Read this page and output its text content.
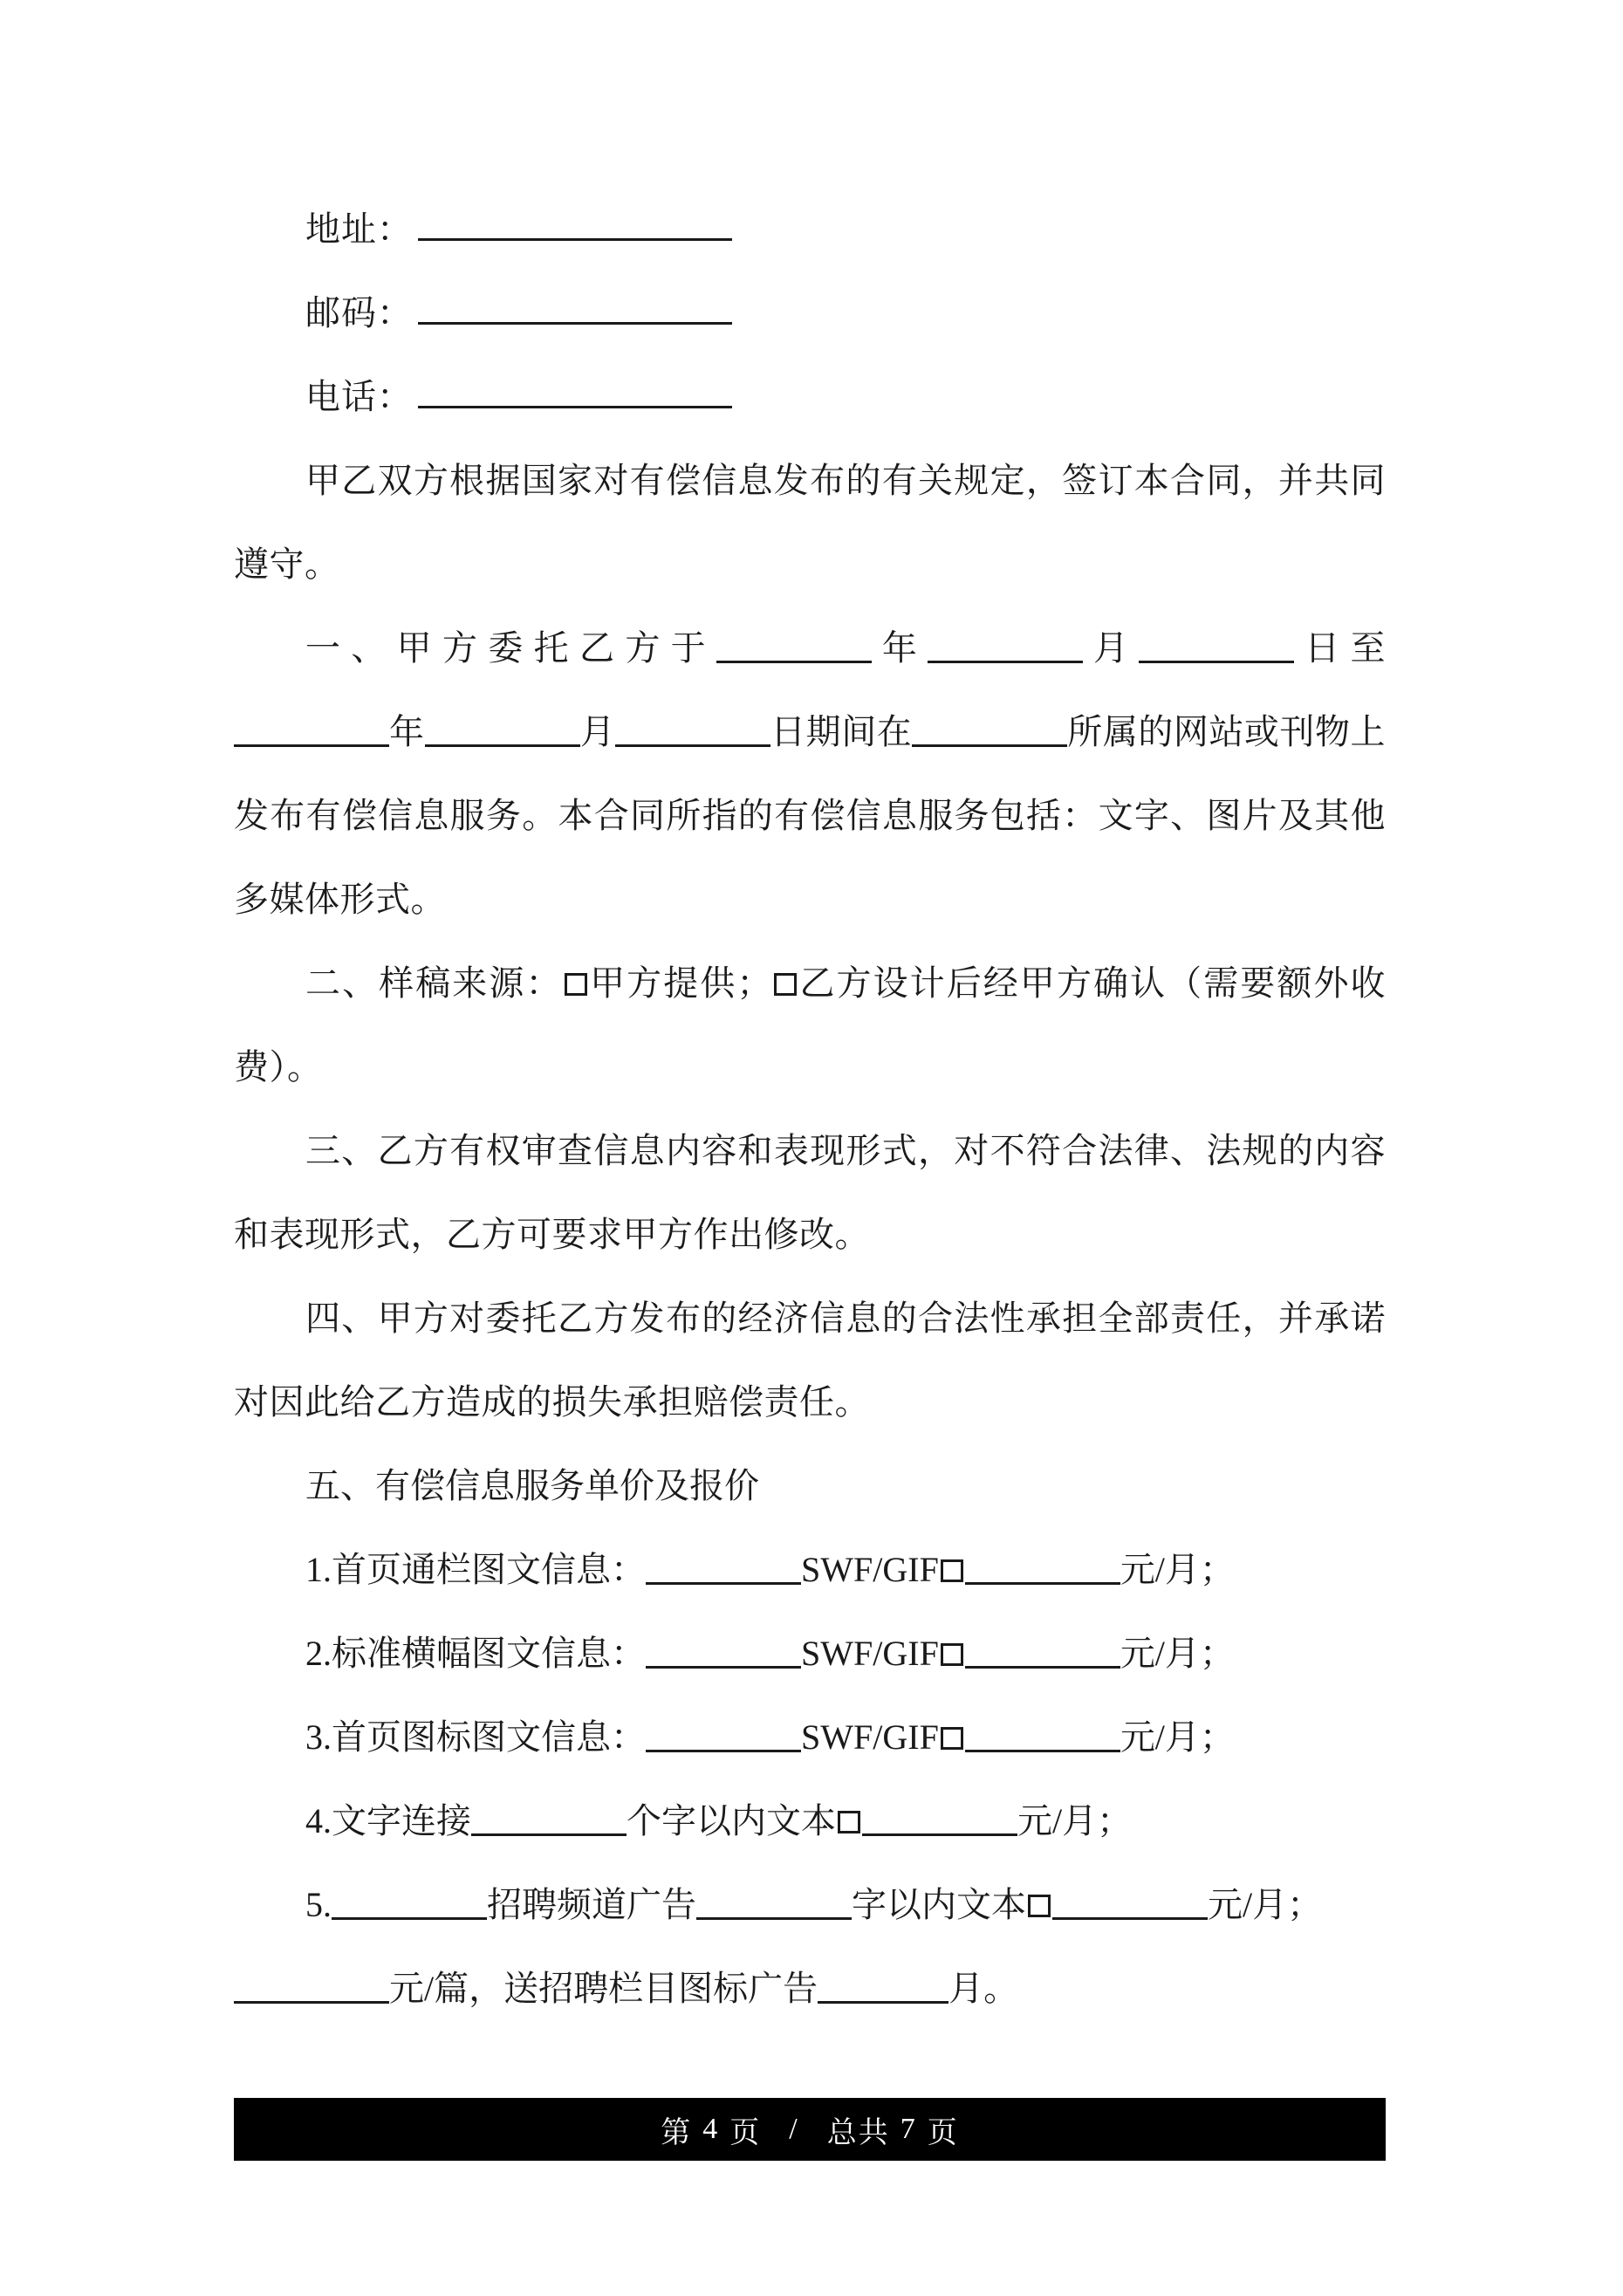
地址：
邮码：
电话：

甲乙双方根据国家对有偿信息发布的有关规定，签订本合同，并共同遵守。

一、甲方委托乙方于	年	月	日至年	月	日期间在	所属的网站或刊物上发布有偿信息服务。本合同所指的有偿信息服务包括：文字、图片及其他多媒体形式。

二、样稿来源： 甲方提供； 乙方设计后经甲方确认（需要额外收费）。

三、乙方有权审查信息内容和表现形式，对不符合法律、法规的内容和表现形式，乙方可要求甲方作出修改。

四、甲方对委托乙方发布的经济信息的合法性承担全部责任，并承诺对因此给乙方造成的损失承担赔偿责任。

五、有偿信息服务单价及报价

1.首页通栏图文信息：	SWF/GIF	元/月；

2.标准横幅图文信息：	SWF/GIF	元/月；

3.首页图标图文信息：	SWF/GIF	元/月；

4.文字连接	个字以内文本	元/月；

5.	招聘频道广告	字以内文本	元/月；元/篇，送招聘栏目图标广告	月。

第 4 页 / 总共 7 页
